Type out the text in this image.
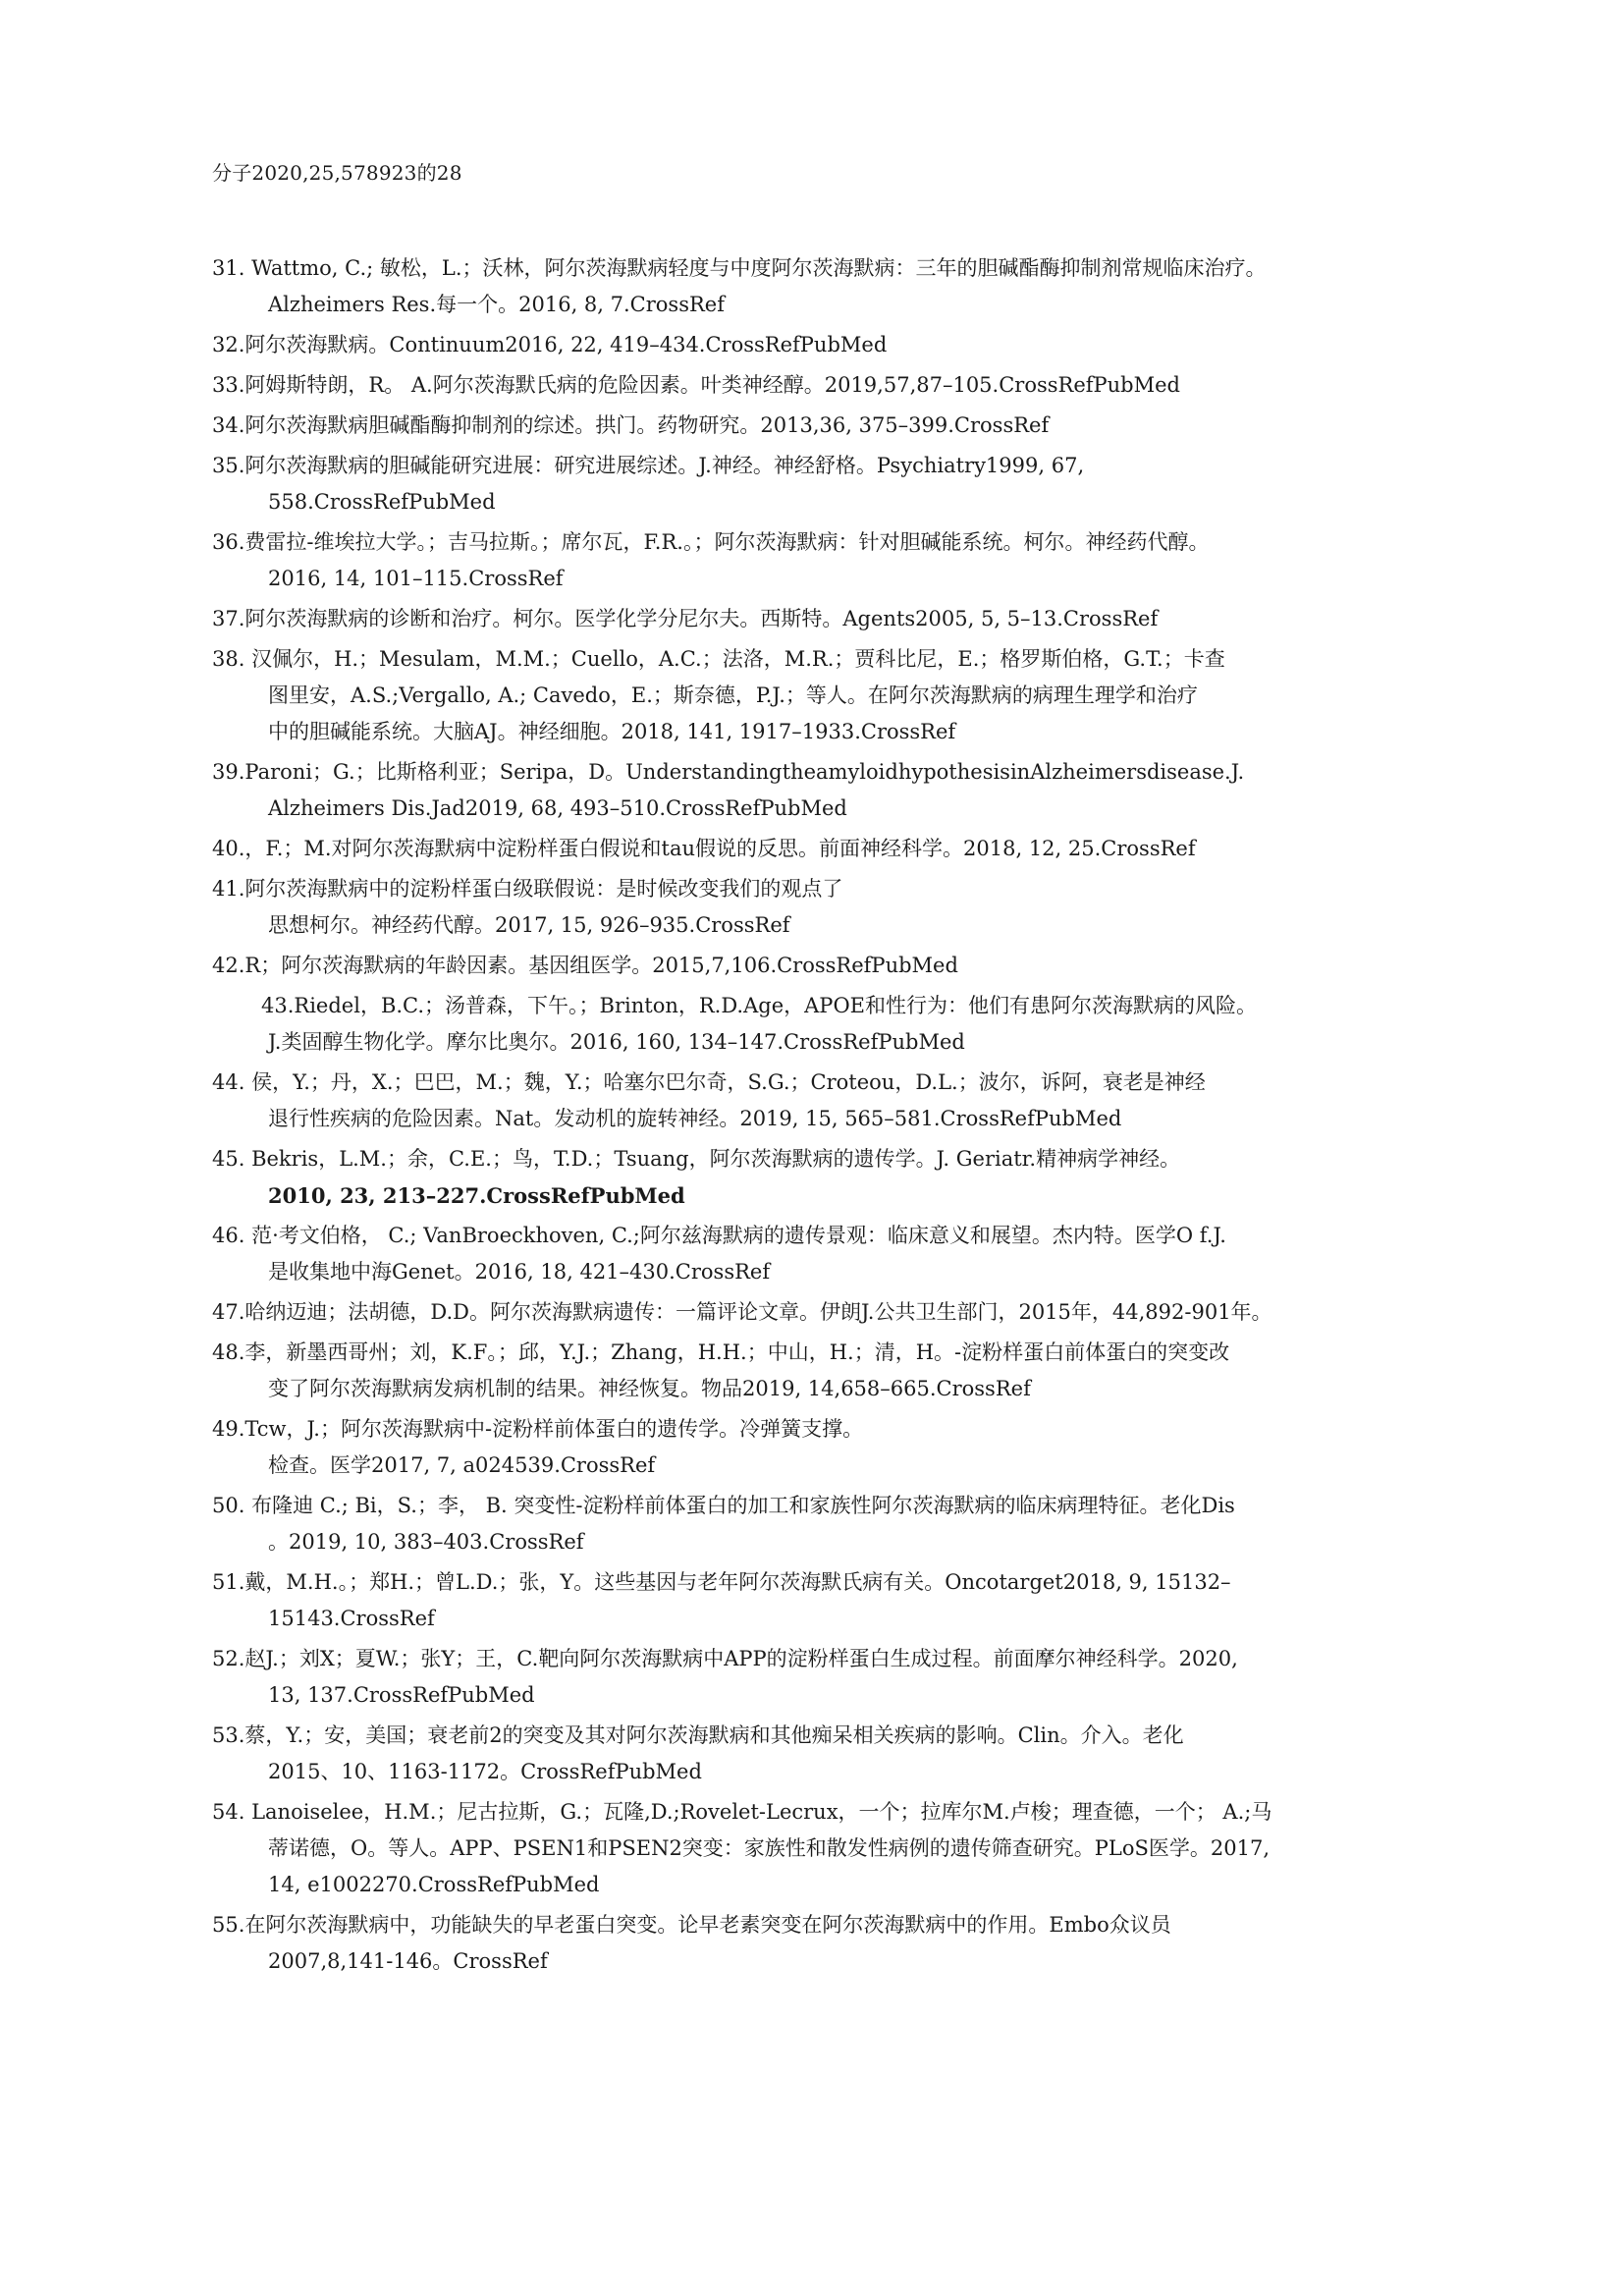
分子2020,25,578923的28
31. Wattmo, C.; 敏松，L.；沃林，阿尔茨海默病轻度与中度阿尔茨海默病：三年的胆碱酯酶抑制剂常规临床治疗。
Alzheimers Res.每一个。2016, 8, 7.CrossRef
32.阿尔茨海默病。Continuum2016, 22, 419–434.CrossRefPubMed
33.阿姆斯特朗，R。 A.阿尔茨海默氏病的危险因素。叶类神经醇。2019,57,87–105.CrossRefPubMed
34.阿尔茨海默病胆碱酯酶抑制剂的综述。拱门。药物研究。2013,36, 375–399.CrossRef
35.阿尔茨海默病的胆碱能研究进展：研究进展综述。J.神经。神经舒格。Psychiatry1999, 67,
558.CrossRefPubMed
36.费雷拉-维埃拉大学。；吉马拉斯。；席尔瓦，F.R.。；阿尔茨海默病：针对胆碱能系统。柯尔。神经药代醇。
2016, 14, 101–115.CrossRef
37.阿尔茨海默病的诊断和治疗。柯尔。医学化学分尼尔夫。西斯特。Agents2005, 5, 5–13.CrossRef
38. 汉佩尔，H.；Mesulam，M.M.；Cuello，A.C.；法洛，M.R.；贾科比尼，E.；格罗斯伯格，G.T.；卡查
图里安，A.S.;Vergallo, A.; Cavedo，E.；斯奈德，P.J.；等人。在阿尔茨海默病的病理生理学和治疗
中的胆碱能系统。大脑AJ。神经细胞。2018, 141, 1917–1933.CrossRef
39.Paroni；G.；比斯格利亚；Seripa，D。UnderstandingtheamyloidhypothesisinAlzheimersdisease.J.
Alzheimers Dis.Jad2019, 68, 493–510.CrossRefPubMed
40.，F.；M.对阿尔茨海默病中淀粉样蛋白假说和tau假说的反思。前面神经科学。2018, 12, 25.CrossRef
41.阿尔茨海默病中的淀粉样蛋白级联假说：是时候改变我们的观点了
思想柯尔。神经药代醇。2017, 15, 926–935.CrossRef
42.R；阿尔茨海默病的年龄因素。基因组医学。2015,7,106.CrossRefPubMed
43.Riedel，B.C.；汤普森，下午。；Brinton，R.D.Age，APOE和性行为：他们有患阿尔茨海默病的风险。
J.类固醇生物化学。摩尔比奥尔。2016, 160, 134–147.CrossRefPubMed
44. 侯，Y.；丹，X.；巴巴，M.；魏，Y.；哈塞尔巴尔奇，S.G.；Croteou，D.L.；波尔，诉阿，衰老是神经
退行性疾病的危险因素。Nat。发动机的旋转神经。2019, 15, 565–581.CrossRefPubMed
45. Bekris，L.M.；余，C.E.；鸟，T.D.；Tsuang，阿尔茨海默病的遗传学。J. Geriatr.精神病学神经。
2010, 23, 213–227.CrossRefPubMed
46. 范·考文伯格， C.; VanBroeckhoven, C.;阿尔兹海默病的遗传景观：临床意义和展望。杰内特。医学O f.J.
是收集地中海Genet。2016, 18, 421–430.CrossRef
47.哈纳迈迪；法胡德，D.D。阿尔茨海默病遗传：一篇评论文章。伊朗J.公共卫生部门，2015年，44,892-901年。
48.李，新墨西哥州；刘，K.F。；邱，Y.J.；Zhang，H.H.；中山，H.；清，H。-淀粉样蛋白前体蛋白的突变改
变了阿尔茨海默病发病机制的结果。神经恢复。物品2019, 14,658–665.CrossRef
49.Tcw，J.；阿尔茨海默病中-淀粉样前体蛋白的遗传学。冷弹簧支撑。
检查。医学2017, 7, a024539.CrossRef
50. 布隆迪 C.; Bi，S.；李， B. 突变性-淀粉样前体蛋白的加工和家族性阿尔茨海默病的临床病理特征。老化Dis
。2019, 10, 383–403.CrossRef
51.戴，M.H.。；郑H.；曾L.D.；张，Y。这些基因与老年阿尔茨海默氏病有关。Oncotarget2018, 9, 15132–
15143.CrossRef
52.赵J.；刘X；夏W.；张Y；王，C.靶向阿尔茨海默病中APP的淀粉样蛋白生成过程。前面摩尔神经科学。2020,
13, 137.CrossRefPubMed
53.蔡，Y.；安，美国；衰老前2的突变及其对阿尔茨海默病和其他痴呆相关疾病的影响。Clin。介入。老化
2015、10、1163-1172。CrossRefPubMed
54. Lanoiselee，H.M.；尼古拉斯，G.；瓦隆,D.;Rovelet-Lecrux，一个；拉库尔M.卢梭；理查德，一个； A.;马
蒂诺德，O。等人。APP、PSEN1和PSEN2突变：家族性和散发性病例的遗传筛查研究。PLoS医学。2017,
14, e1002270.CrossRefPubMed
55.在阿尔茨海默病中，功能缺失的早老蛋白突变。论早老素突变在阿尔茨海默病中的作用。Embo众议员
2007,8,141-146。CrossRef
